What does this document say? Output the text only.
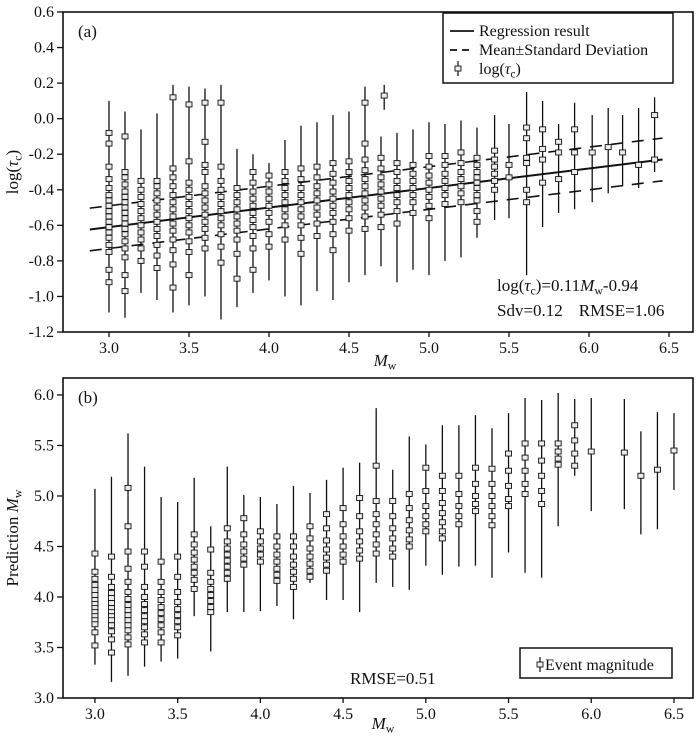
3.0	3.5	4.0	4.5	5.0	5.5	6.0	6.5
0.6
0.4
0.2
0.0
-0.2
-0.4
-0.6
-0.8
-1.0
-1.2
$M_w$
$\log(\tau_c)$
(a)	Regression result
Mean±Standard Deviation
$\log(\tau_c)$
$\log(\tau_c)=0.11M_w-0.94$
Sdv=0.12 RMSE=1.06
3.0	3.5	4.0	4.5	5.0	5.5	6.0	6.5
6.0
5.5
5.0
4.5
4.0
3.5
3.0
$M_w$
Prediction $M_w$
(b)
Event magnitude
RMSE=0.51
